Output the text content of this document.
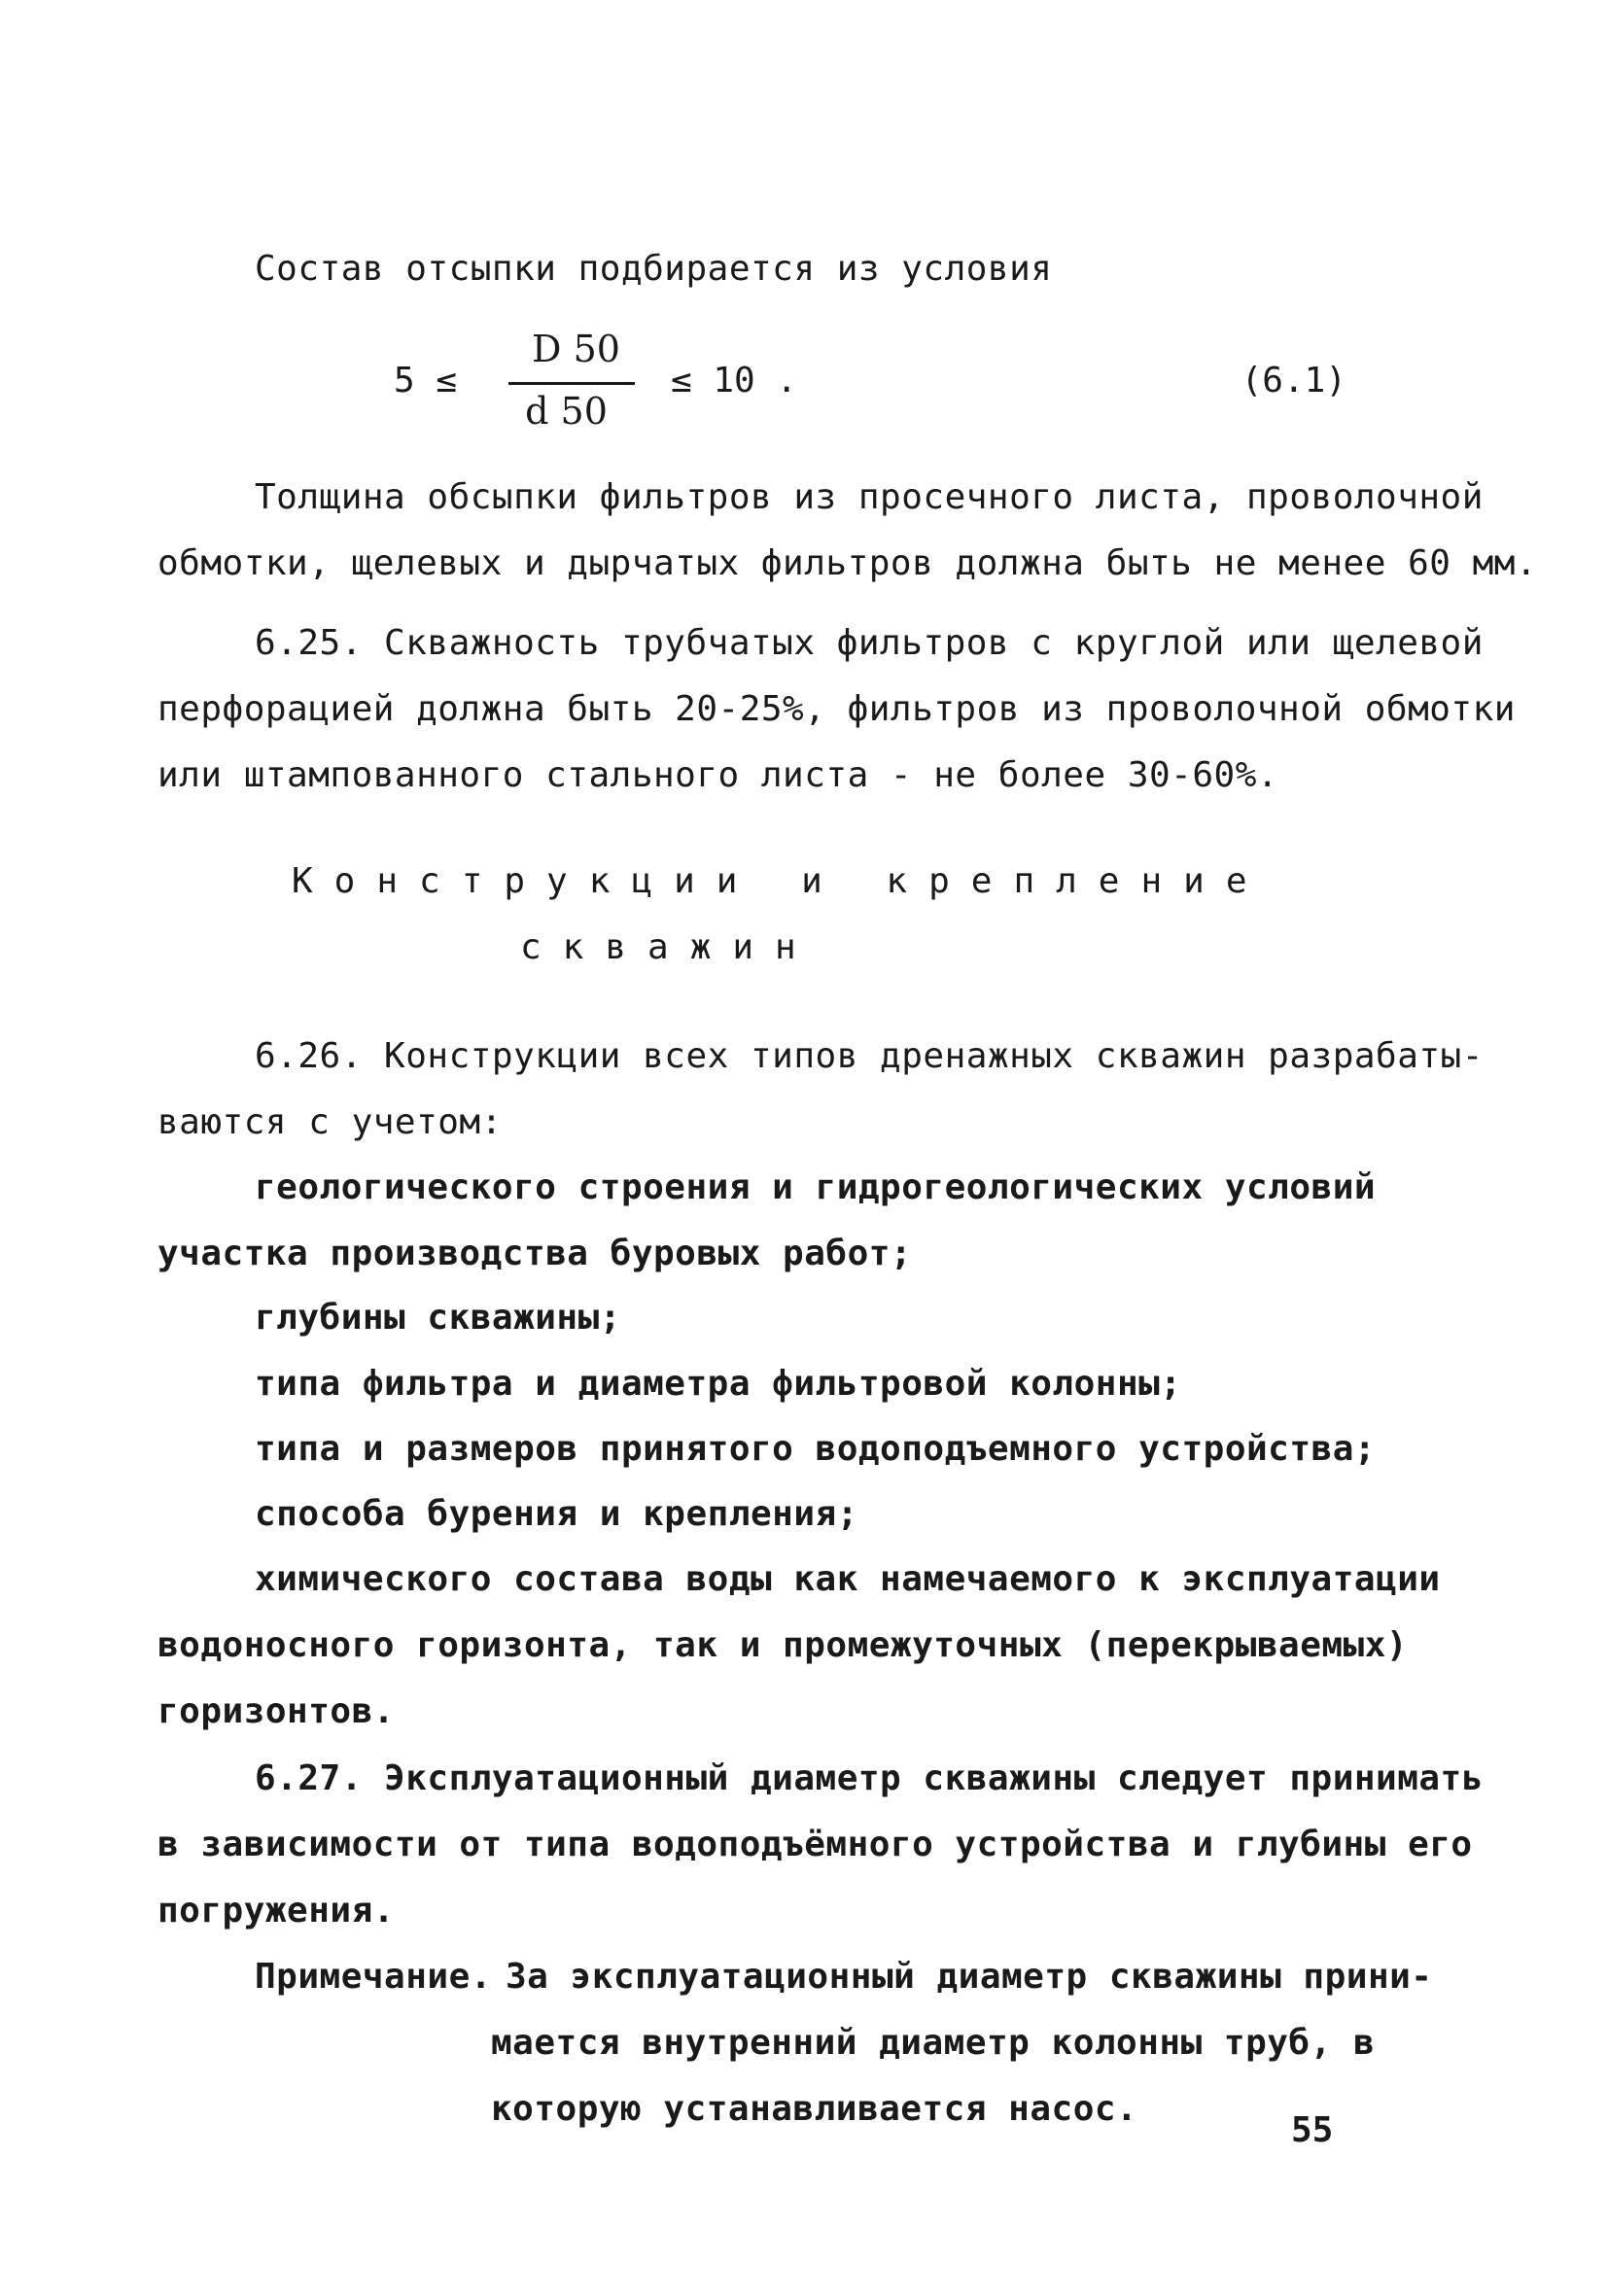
Состав отсыпки подбирается из условия
5 ≤
D 50
d 50
≤ 10 .	(6.1)
Толщина обсыпки фильтров из просечного листа, проволочной
обмотки, щелевых и дырчатых фильтров должна быть не менее 60 мм.
6.25. Скважность трубчатых фильтров с круглой или щелевой
перфорацией должна быть 20-25%, фильтров из проволочной обмотки
или штампованного стального листа - не более 30-60%.
Конструкции и крепление
скважин
6.26. Конструкции всех типов дренажных скважин разрабаты-
ваются с учетом:
геологического строения и гидрогеологических условий
участка производства буровых работ;
глубины скважины;
типа фильтра и диаметра фильтровой колонны;
типа и размеров принятого водоподъемного устройства;
способа бурения и крепления;
химического состава воды как намечаемого к эксплуатации
водоносного горизонта, так и промежуточных (перекрываемых)
горизонтов.
6.27. Эксплуатационный диаметр скважины следует принимать
в зависимости от типа водоподъёмного устройства и глубины его
погружения.
Примечание. За эксплуатационный диаметр скважины прини-
мается внутренний диаметр колонны труб, в
которую устанавливается насос.
55
